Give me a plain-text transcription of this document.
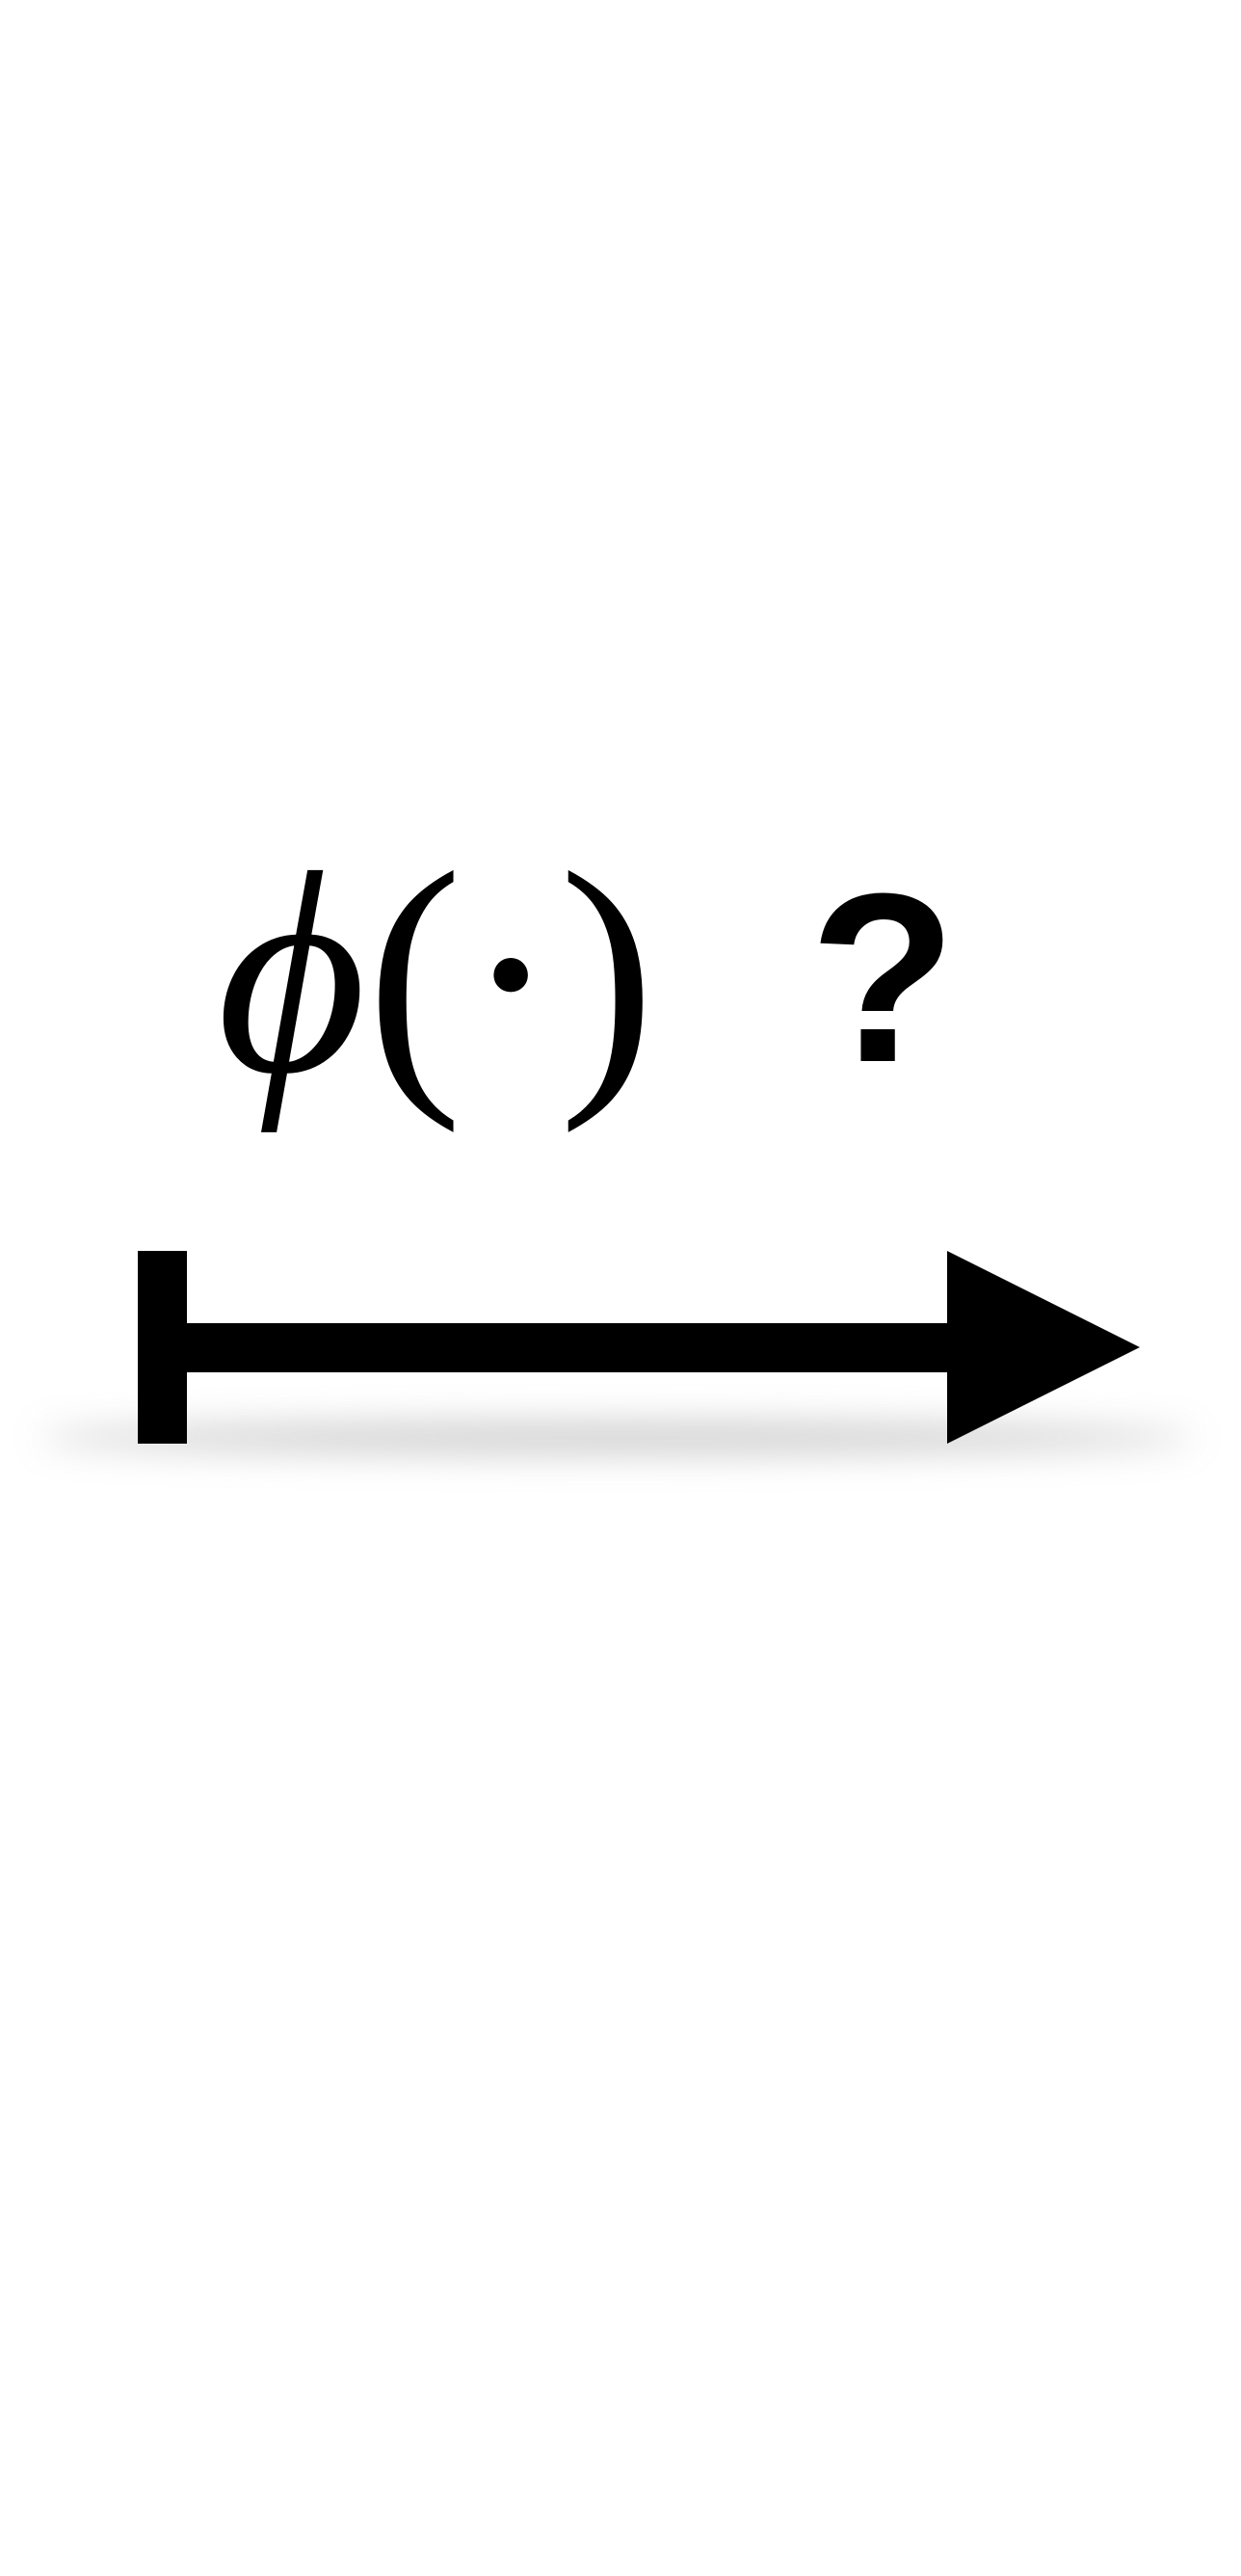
ϕ(·) ?
